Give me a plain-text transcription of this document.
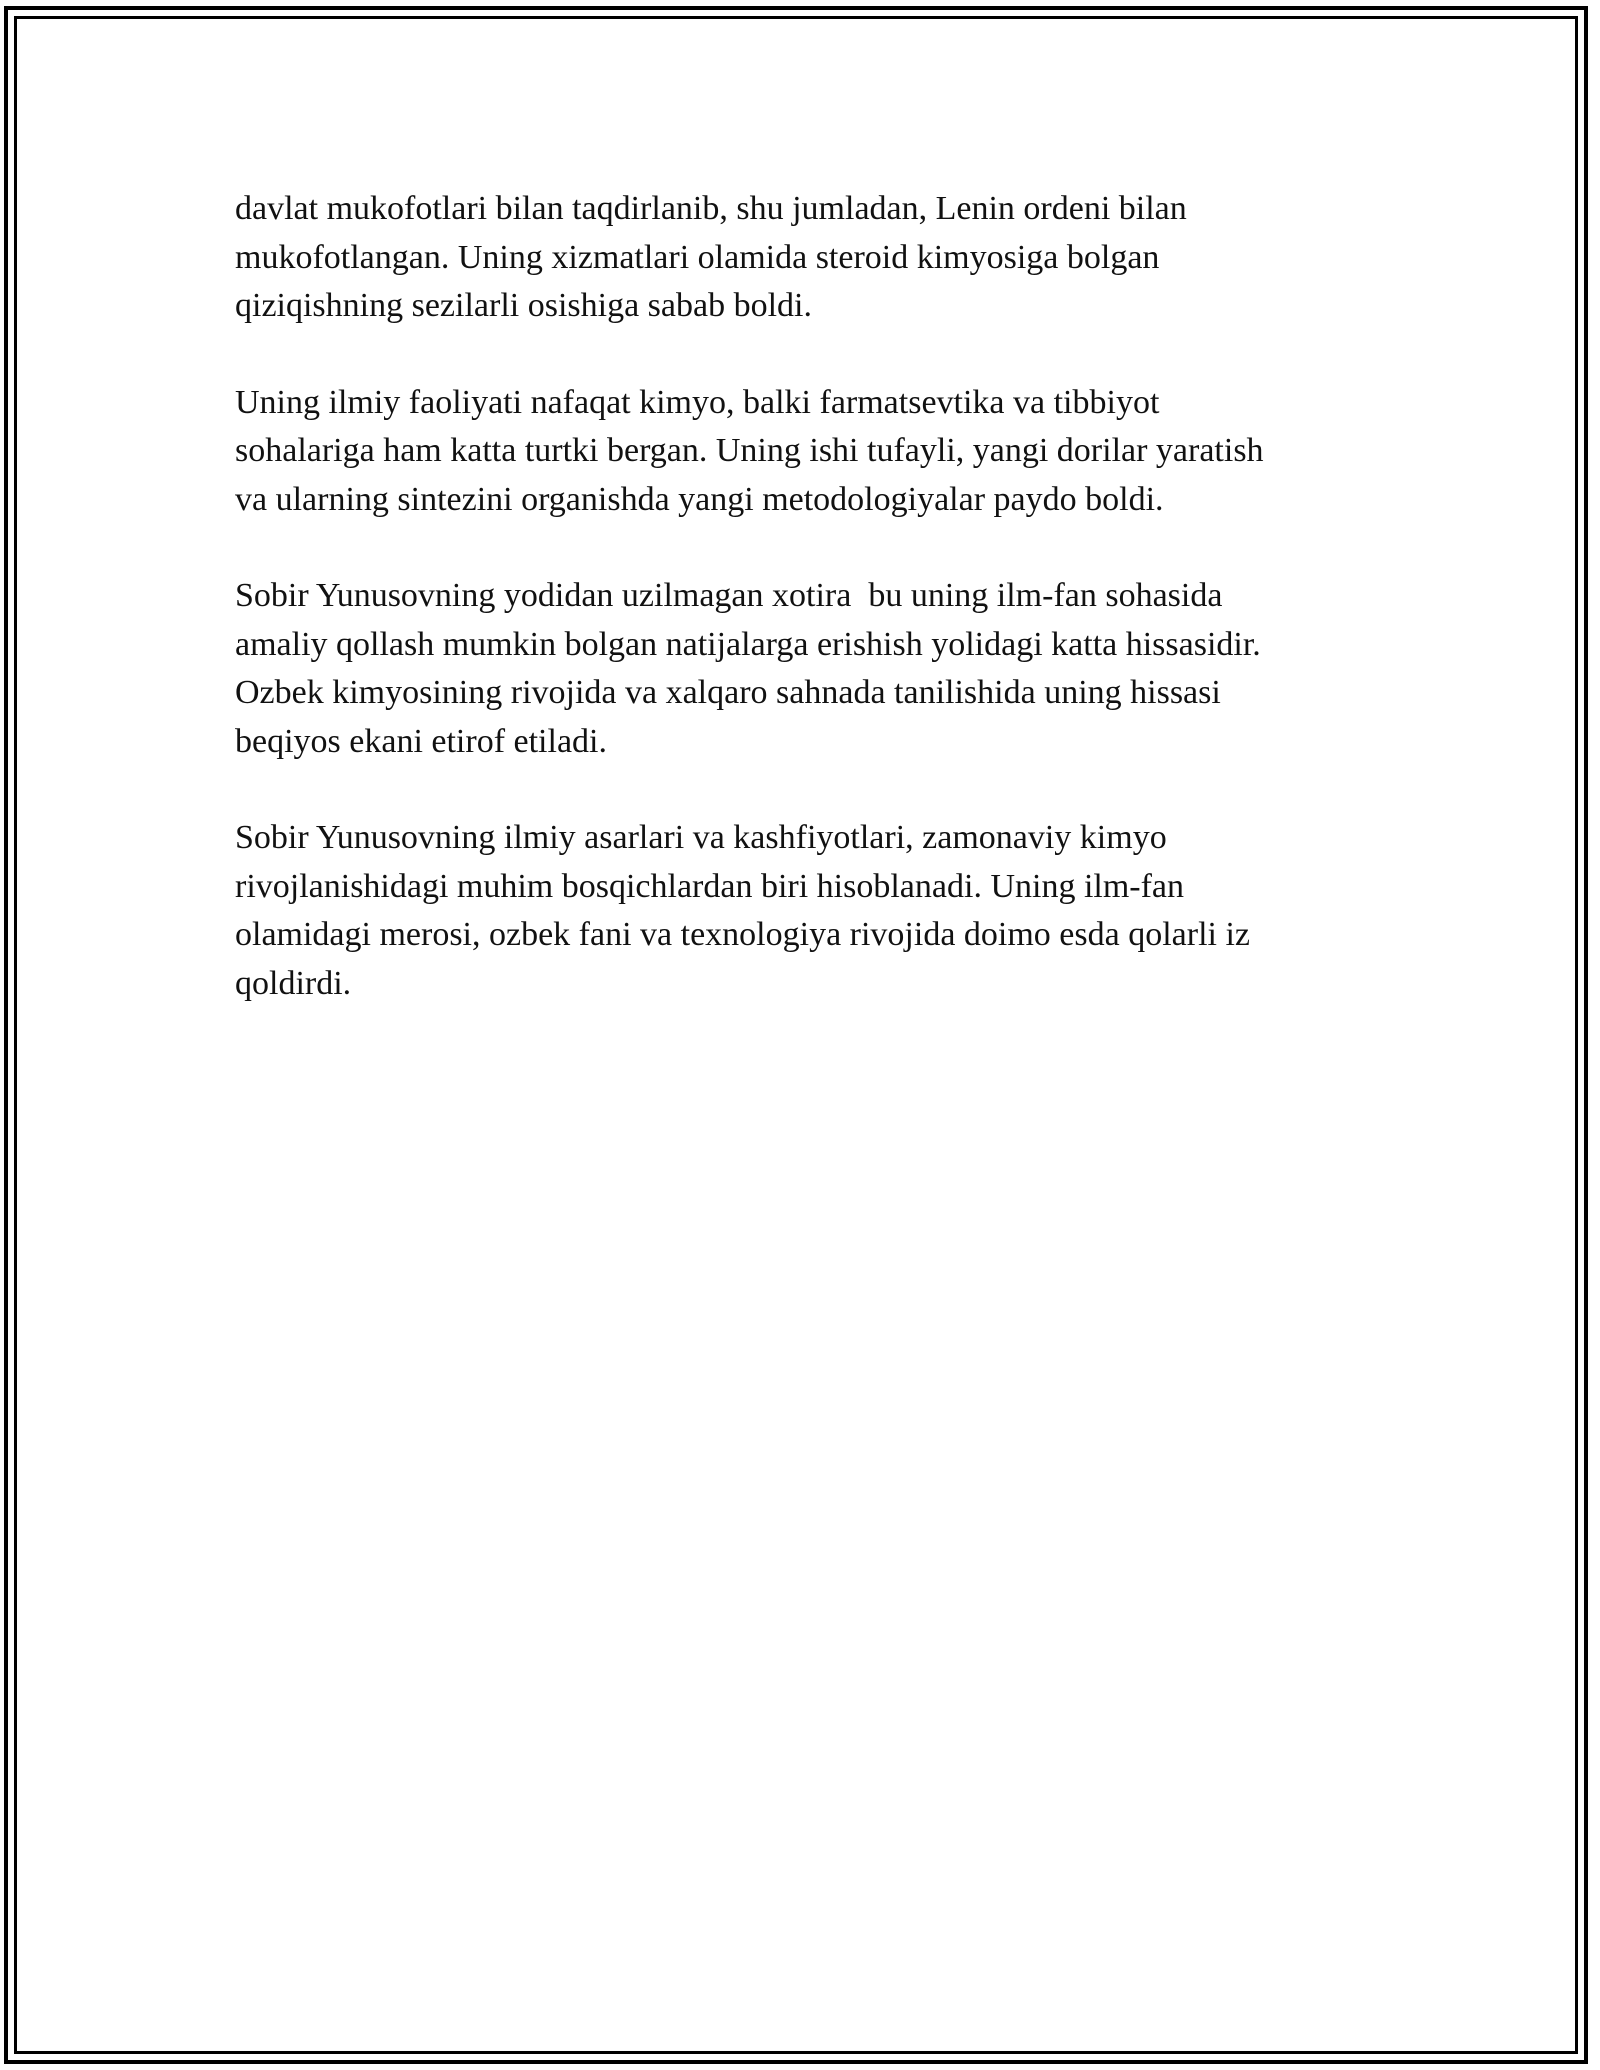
davlat mukofotlari bilan taqdirlanib, shu jumladan, Lenin ordeni bilan
mukofotlangan. Uning xizmatlari olamida steroid kimyosiga bolgan
qiziqishning sezilarli osishiga sabab boldi.

Uning ilmiy faoliyati nafaqat kimyo, balki farmatsevtika va tibbiyot
sohalariga ham katta turtki bergan. Uning ishi tufayli, yangi dorilar yaratish
va ularning sintezini organishda yangi metodologiyalar paydo boldi.

Sobir Yunusovning yodidan uzilmagan xotira  bu uning ilm-fan sohasida
amaliy qollash mumkin bolgan natijalarga erishish yolidagi katta hissasidir.
Ozbek kimyosining rivojida va xalqaro sahnada tanilishida uning hissasi
beqiyos ekani etirof etiladi.

Sobir Yunusovning ilmiy asarlari va kashfiyotlari, zamonaviy kimyo
rivojlanishidagi muhim bosqichlardan biri hisoblanadi. Uning ilm-fan
olamidagi merosi, ozbek fani va texnologiya rivojida doimo esda qolarli iz
qoldirdi.
